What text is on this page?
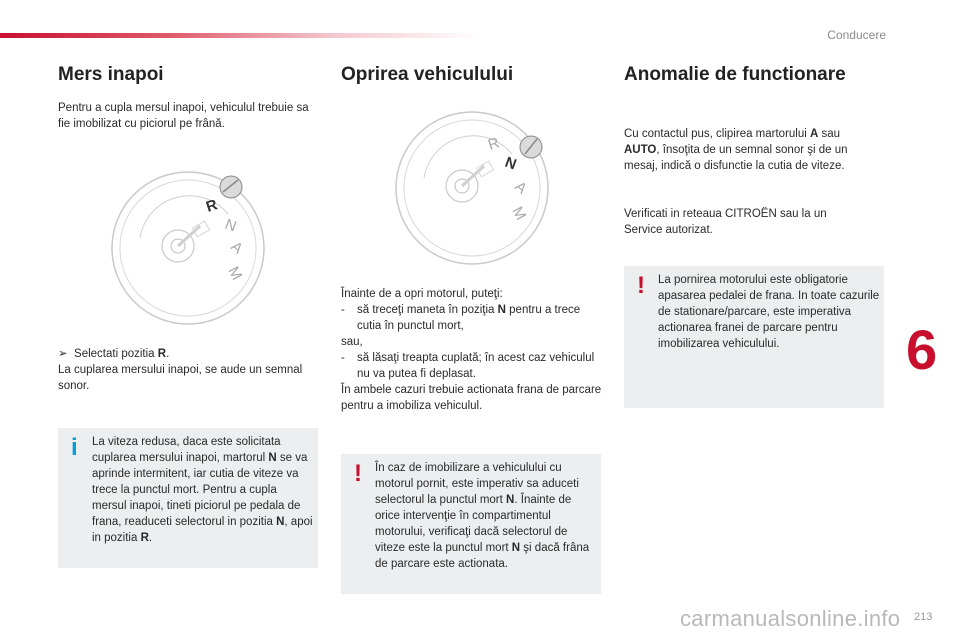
Conducere
6
Mers inapoi

Pentru a cupla mersul inapoi, vehiculul trebuie sa fie imobilizat cu piciorul pe frână.

R
N
A
M

➢  Selectati pozitia R.
La cuplarea mersului inapoi, se aude un semnal sonor.

i La viteza redusa, daca este solicitata cuplarea mersului inapoi, martorul N se va aprinde intermitent, iar cutia de viteze va trece la punctul mort. Pentru a cupla mersul inapoi, tineti piciorul pe pedala de frana, readuceti selectorul in pozitia N, apoi in pozitia R.
Oprirea vehiculului
R
N
A
M
Înainte de a opri motorul, puteţi:
- să treceţi maneta în poziţia N pentru a trece cutia în punctul mort,
sau,
- să lăsaţi treapta cuplată; în acest caz vehiculul nu va putea fi deplasat.
În ambele cazuri trebuie actionata frana de parcare pentru a imobiliza vehiculul.
! În caz de imobilizare a vehiculului cu motorul pornit, este imperativ sa aduceti selectorul la punctul mort N. Înainte de orice intervenţie în compartimentul motorului, verificaţi dacă selectorul de viteze este la punctul mort N şi dacă frâna de parcare este actionata.
Anomalie de functionare

Cu contactul pus, clipirea martorului A sau AUTO, însoţita de un semnal sonor şi de un mesaj, indică o disfunctie la cutia de viteze.

Verificati in reteaua CITROËN sau la un Service autorizat.

! La pornirea motorului este obligatorie apasarea pedalei de frana. In toate cazurile de stationare/parcare, este imperativa actionarea franei de parcare pentru imobilizarea vehiculului.
carmanualsonline.info 213
